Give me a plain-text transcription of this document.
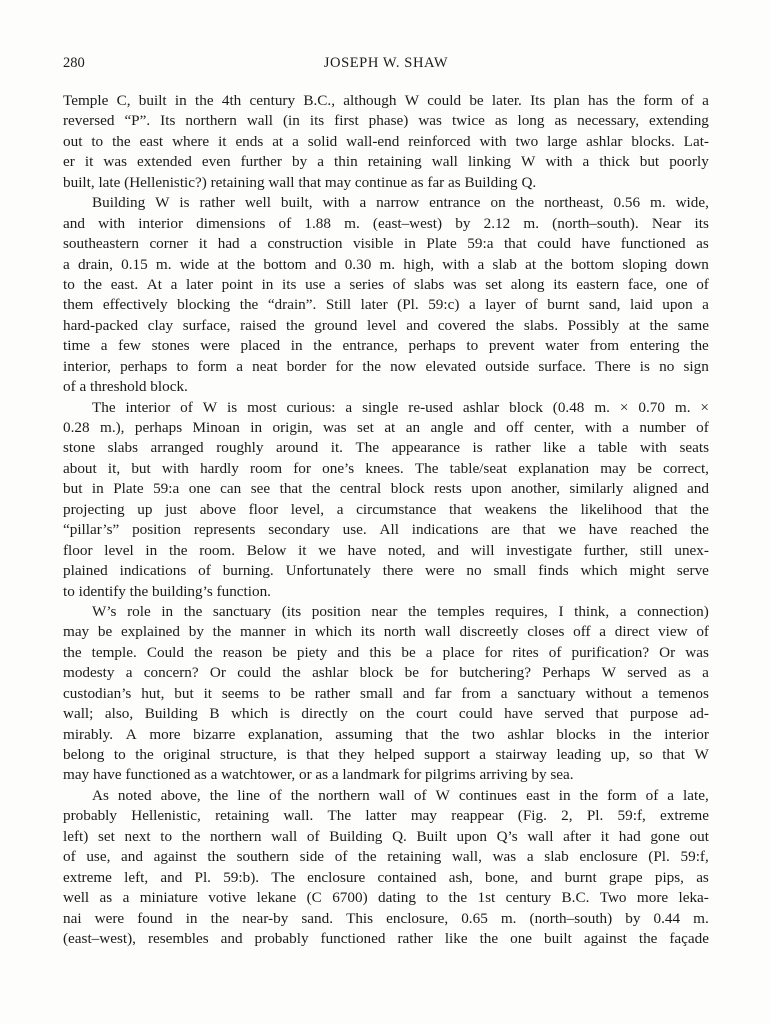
280	JOSEPH W. SHAW
Temple C, built in the 4th century B.C., although W could be later. Its plan has the form of a
reversed “P”. Its northern wall (in its first phase) was twice as long as necessary, extending
out to the east where it ends at a solid wall-end reinforced with two large ashlar blocks. Lat-
er it was extended even further by a thin retaining wall linking W with a thick but poorly
built, late (Hellenistic?) retaining wall that may continue as far as Building Q.
Building W is rather well built, with a narrow entrance on the northeast, 0.56 m. wide,
and with interior dimensions of 1.88 m. (east–west) by 2.12 m. (north–south). Near its
southeastern corner it had a construction visible in Plate 59:a that could have functioned as
a drain, 0.15 m. wide at the bottom and 0.30 m. high, with a slab at the bottom sloping down
to the east. At a later point in its use a series of slabs was set along its eastern face, one of
them effectively blocking the “drain”. Still later (Pl. 59:c) a layer of burnt sand, laid upon a
hard-packed clay surface, raised the ground level and covered the slabs. Possibly at the same
time a few stones were placed in the entrance, perhaps to prevent water from entering the
interior, perhaps to form a neat border for the now elevated outside surface. There is no sign
of a threshold block.
The interior of W is most curious: a single re-used ashlar block (0.48 m. × 0.70 m. ×
0.28 m.), perhaps Minoan in origin, was set at an angle and off center, with a number of
stone slabs arranged roughly around it. The appearance is rather like a table with seats
about it, but with hardly room for one’s knees. The table/seat explanation may be correct,
but in Plate 59:a one can see that the central block rests upon another, similarly aligned and
projecting up just above floor level, a circumstance that weakens the likelihood that the
“pillar’s” position represents secondary use. All indications are that we have reached the
floor level in the room. Below it we have noted, and will investigate further, still unex-
plained indications of burning. Unfortunately there were no small finds which might serve
to identify the building’s function.
W’s role in the sanctuary (its position near the temples requires, I think, a connection)
may be explained by the manner in which its north wall discreetly closes off a direct view of
the temple. Could the reason be piety and this be a place for rites of purification? Or was
modesty a concern? Or could the ashlar block be for butchering? Perhaps W served as a
custodian’s hut, but it seems to be rather small and far from a sanctuary without a temenos
wall; also, Building B which is directly on the court could have served that purpose ad-
mirably. A more bizarre explanation, assuming that the two ashlar blocks in the interior
belong to the original structure, is that they helped support a stairway leading up, so that W
may have functioned as a watchtower, or as a landmark for pilgrims arriving by sea.
As noted above, the line of the northern wall of W continues east in the form of a late,
probably Hellenistic, retaining wall. The latter may reappear (Fig. 2, Pl. 59:f, extreme
left) set next to the northern wall of Building Q. Built upon Q’s wall after it had gone out
of use, and against the southern side of the retaining wall, was a slab enclosure (Pl. 59:f,
extreme left, and Pl. 59:b). The enclosure contained ash, bone, and burnt grape pips, as
well as a miniature votive lekane (C 6700) dating to the 1st century B.C. Two more leka-
nai were found in the near-by sand. This enclosure, 0.65 m. (north–south) by 0.44 m.
(east–west), resembles and probably functioned rather like the one built against the façade
